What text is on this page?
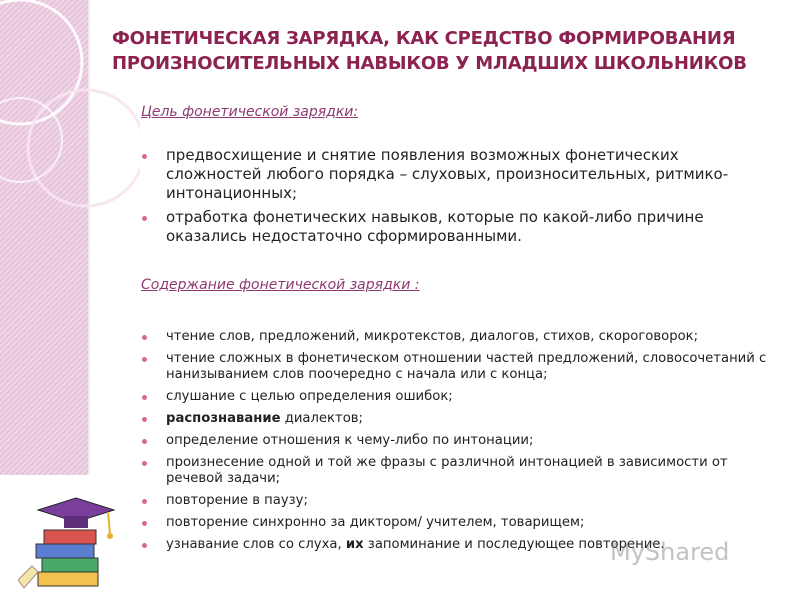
ФОНЕТИЧЕСКАЯ ЗАРЯДКА, КАК СРЕДСТВО ФОРМИРОВАНИЯ
ПРОИЗНОСИТЕЛЬНЫХ НАВЫКОВ У МЛАДШИХ ШКОЛЬНИКОВ
Цель фонетической зарядки:
предвосхищение и снятие появления возможных фонетических сложностей любого порядка – слуховых, произносительных, ритмико-интонационных;
отработка фонетических навыков, которые по какой-либо причине оказались недостаточно сформированными.
Содержание фонетической зарядки :
чтение слов, предложений, микротекстов, диалогов, стихов, скороговорок;
чтение сложных в фонетическом отношении частей предложений, словосочетаний с нанизыванием слов поочередно с начала или с конца;
слушание с целью определения ошибок;
распознавание диалектов;
определение отношения к чему-либо по интонации;
произнесение одной и той же фразы с различной интонацией в зависимости от речевой задачи;
повторение в паузу;
повторение синхронно за диктором/ учителем, товарищем;
узнавание слов со слуха, их запоминание и последующее повторение.
MyShared
